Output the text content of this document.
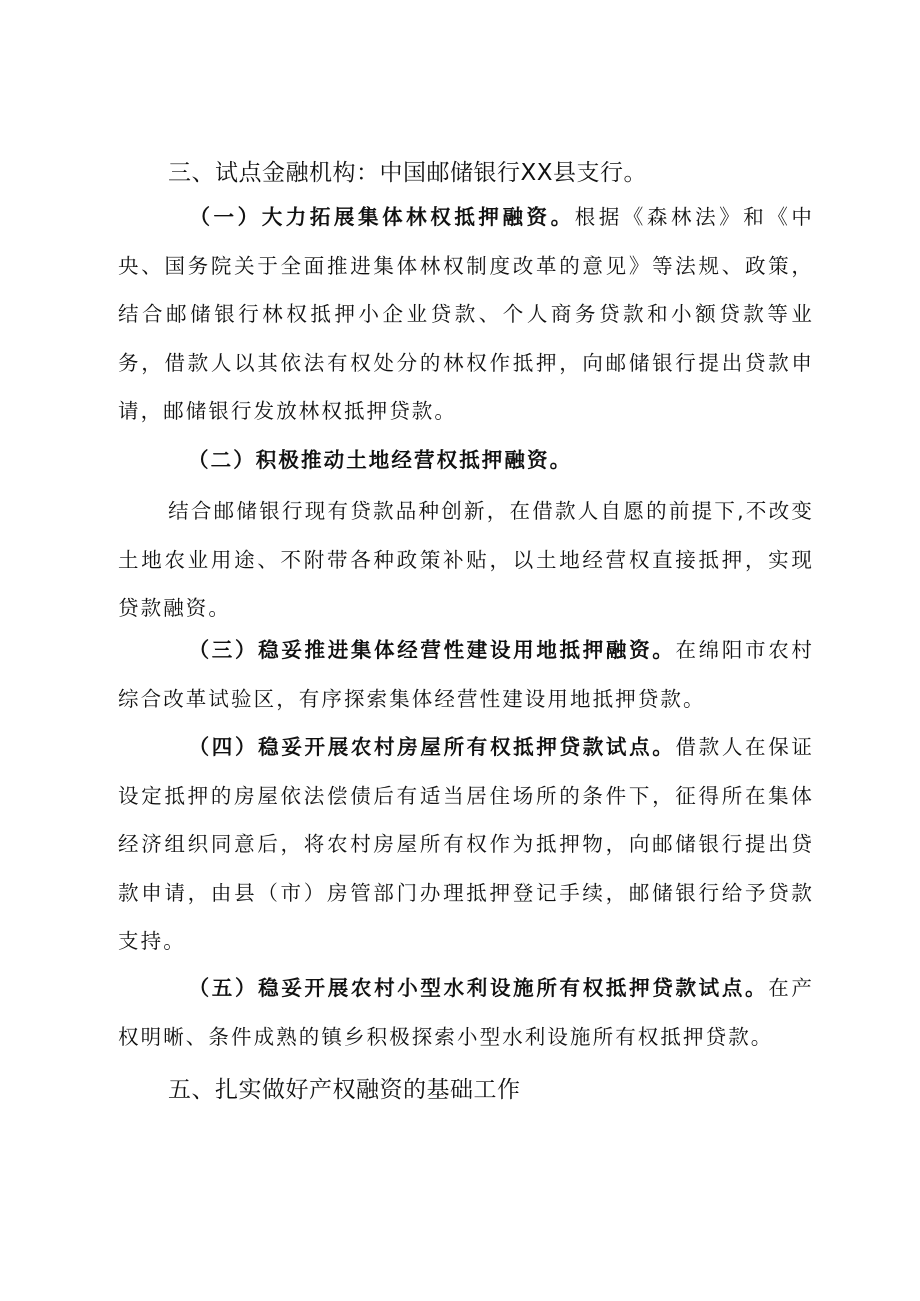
三、试点金融机构：中国邮储银行XX县支行。

（一）大力拓展集体林权抵押融资。根据《森林法》和《中央、国务院关于全面推进集体林权制度改革的意见》等法规、政策，结合邮储银行林权抵押小企业贷款、个人商务贷款和小额贷款等业务，借款人以其依法有权处分的林权作抵押，向邮储银行提出贷款申请，邮储银行发放林权抵押贷款。

（二）积极推动土地经营权抵押融资。

结合邮储银行现有贷款品种创新，在借款人自愿的前提下,不改变土地农业用途、不附带各种政策补贴，以土地经营权直接抵押，实现贷款融资。

（三）稳妥推进集体经营性建设用地抵押融资。在绵阳市农村综合改革试验区，有序探索集体经营性建设用地抵押贷款。

（四）稳妥开展农村房屋所有权抵押贷款试点。借款人在保证设定抵押的房屋依法偿债后有适当居住场所的条件下，征得所在集体经济组织同意后，将农村房屋所有权作为抵押物，向邮储银行提出贷款申请，由县（市）房管部门办理抵押登记手续，邮储银行给予贷款支持。

（五）稳妥开展农村小型水利设施所有权抵押贷款试点。在产权明晰、条件成熟的镇乡积极探索小型水利设施所有权抵押贷款。

五、扎实做好产权融资的基础工作
